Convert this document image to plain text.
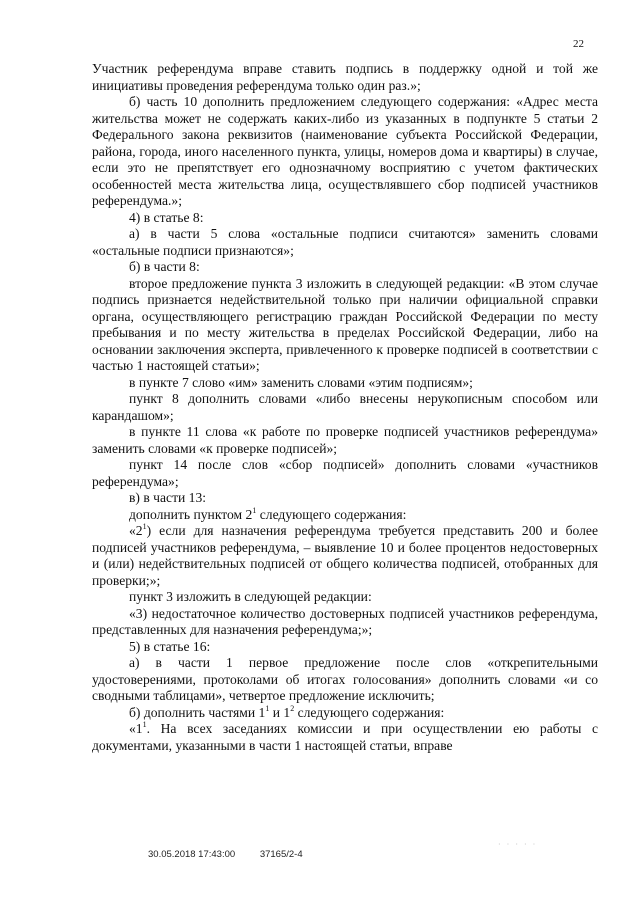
22

Участник референдума вправе ставить подпись в поддержку одной и той же инициативы проведения референдума только один раз.»;

б) часть 10 дополнить предложением следующего содержания: «Адрес места жительства может не содержать каких-либо из указанных в подпункте 5 статьи 2 Федерального закона реквизитов (наименование субъекта Российской Федерации, района, города, иного населенного пункта, улицы, номеров дома и квартиры) в случае, если это не препятствует его однозначному восприятию с учетом фактических особенностей места жительства лица, осуществлявшего сбор подписей участников референдума.»;

4) в статье 8:

а) в части 5 слова «остальные подписи считаются» заменить словами «остальные подписи признаются»;

б) в части 8:

второе предложение пункта 3 изложить в следующей редакции: «В этом случае подпись признается недействительной только при наличии официальной справки органа, осуществляющего регистрацию граждан Российской Федерации по месту пребывания и по месту жительства в пределах Российской Федерации, либо на основании заключения эксперта, привлеченного к проверке подписей в соответствии с частью 1 настоящей статьи»;

в пункте 7 слово «им» заменить словами «этим подписям»;

пункт 8 дополнить словами «либо внесены нерукописным способом или карандашом»;

в пункте 11 слова «к работе по проверке подписей участников референдума» заменить словами «к проверке подписей»;

пункт 14 после слов «сбор подписей» дополнить словами «участников референдума»;

в) в части 13:

дополнить пунктом $2^1$ следующего содержания:

«$2^1$) если для назначения референдума требуется представить 200 и более подписей участников референдума, – выявление 10 и более процентов недостоверных и (или) недействительных подписей от общего количества подписей, отобранных для проверки;»;

пункт 3 изложить в следующей редакции:

«3) недостаточное количество достоверных подписей участников референдума, представленных для назначения референдума;»;

5) в статье 16:

а) в части 1 первое предложение после слов «открепительными удостоверениями, протоколами об итогах голосования» дополнить словами «и со сводными таблицами», четвертое предложение исключить;

б) дополнить частями $1^1$ и $1^2$ следующего содержания:

«$1^1$. На всех заседаниях комиссии и при осуществлении ею работы с документами, указанными в части 1 настоящей статьи, вправе

30.05.2018 17:43:00	37165/2-4
·····
